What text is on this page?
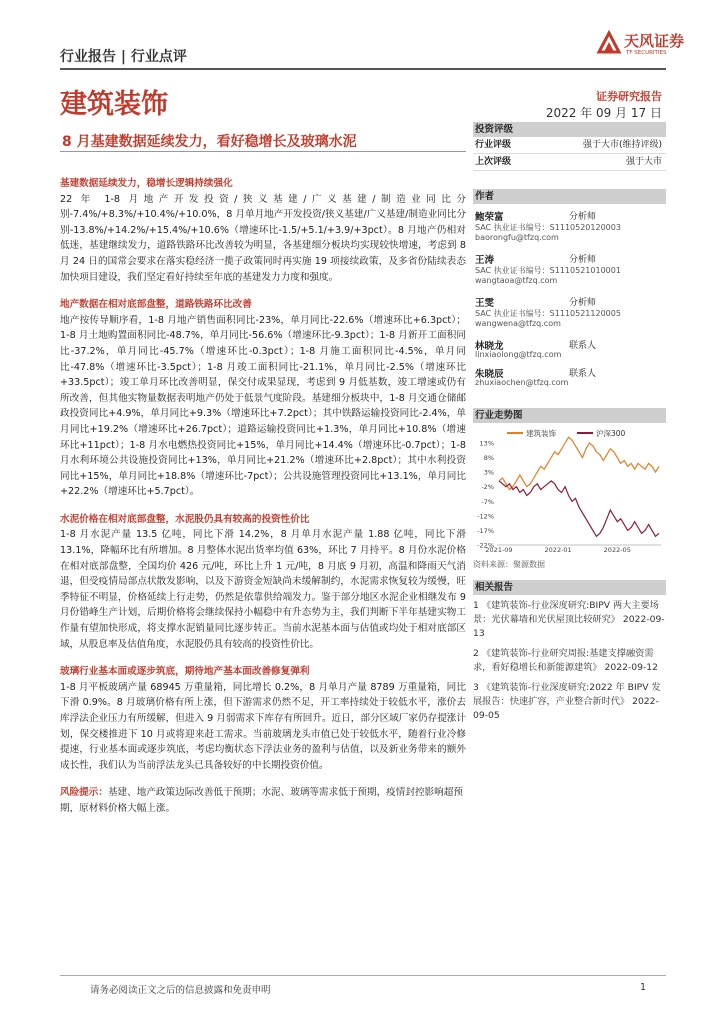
行业报告 | 行业点评
天风证券
TF SECURITIES
建筑装饰	证券研究报告
2022 年 09 月 17 日
8 月基建数据延续发力，看好稳增长及玻璃水泥
基建数据延续发力，稳增长逻辑持续强化
22 年 1-8 月地产开发投资/狭义基建/广义基建/制造业同比分别-7.4%/+8.3%/+10.4%/+10.0%，8 月单月地产开发投资/狭义基建/广义基建/制造业同比分别-13.8%/+14.2%/+15.4%/+10.6%（增速环比-1.5/+5.1/+3.9/+3pct）。8 月地产仍相对低迷，基建继续发力，道路铁路环比改善较为明显，各基建细分板块均实现较快增速，考虑到 8 月 24 日的国常会要求在落实稳经济一揽子政策同时再实施 19 项接续政策，及多省份陆续表态加快项目建设，我们坚定看好持续至年底的基建发力力度和强度。
地产数据在相对底部盘整，道路铁路环比改善
地产按传导顺序看，1-8 月地产销售面积同比-23%，单月同比-22.6%（增速环比+6.3pct）；1-8 月土地购置面积同比-48.7%，单月同比-56.6%（增速环比-9.3pct）；1-8 月新开工面积同比-37.2%，单月同比-45.7%（增速环比-0.3pct）；1-8 月施工面积同比-4.5%，单月同比-47.8%（增速环比-3.5pct）；1-8 月竣工面积同比-21.1%，单月同比-2.5%（增速环比+33.5pct）；竣工单月环比改善明显，保交付成果显现，考虑到 9 月低基数，竣工增速或仍有所改善，但其他实物量数据表明地产仍处于低景气度阶段。基建细分板块中，1-8 月交通仓储邮政投资同比+4.9%，单月同比+9.3%（增速环比+7.2pct）；其中铁路运输投资同比-2.4%，单月同比+19.2%（增速环比+26.7pct）；道路运输投资同比+1.3%，单月同比+10.8%（增速环比+11pct）；1-8 月水电燃热投资同比+15%，单月同比+14.4%（增速环比-0.7pct）；1-8 月水利环境公共设施投资同比+13%，单月同比+21.2%（增速环比+2.8pct）；其中水利投资同比+15%，单月同比+18.8%（增速环比-7pct）；公共设施管理投资同比+13.1%，单月同比+22.2%（增速环比+5.7pct）。
水泥价格在相对底部盘整，水泥股仍具有较高的投资性价比
1-8 月水泥产量 13.5 亿吨，同比下滑 14.2%，8 月单月水泥产量 1.88 亿吨，同比下滑 13.1%，降幅环比有所增加。8 月整体水泥出货率均值 63%，环比 7 月持平。8 月份水泥价格在相对底部盘整，全国均价 426 元/吨，环比上升 1 元/吨，8 月底 9 月初，高温和降雨天气消退，但受疫情局部点状散发影响，以及下游资金短缺尚未缓解制约，水泥需求恢复较为缓慢，旺季特征不明显，价格延续上行走势，仍然是依靠供给端发力。鉴于部分地区水泥企业相继发布 9 月份错峰生产计划，后期价格将会继续保持小幅稳中有升态势为主，我们判断下半年基建实物工作量有望加快形成，将支撑水泥销量同比逐步转正。当前水泥基本面与估值或均处于相对底部区域，从股息率及估值角度，水泥股仍具有较高的投资性价比。
玻璃行业基本面或逐步筑底，期待地产基本面改善修复弹利
1-8 月平板玻璃产量 68945 万重量箱，同比增长 0.2%，8 月单月产量 8789 万重量箱，同比下滑 0.9%。8 月玻璃价格有所上涨，但下游需求仍然不足，开工率持续处于较低水平，涨价去库浮法企业压力有所缓解，但进入 9 月弱需求下库存有所回升。近日，部分区域厂家仍存提涨计划，保交楼推进下 10 月或将迎来赶工需求。当前玻璃龙头市值已处于较低水平，随着行业冷修提速，行业基本面或逐步筑底，考虑均衡状态下浮法业务的盈利与估值，以及新业务带来的额外成长性，我们认为当前浮法龙头已具备较好的中长期投资价值。
风险提示：基建、地产政策边际改善低于预期；水泥、玻璃等需求低于预期，疫情封控影响超预期，原材料价格大幅上涨。
投资评级
行业评级	强于大市(维持评级)
上次评级	强于大市
作者
鲍荣富	分析师
SAC 执业证书编号：S1110520120003
baorongfu@tfzq.com
王涛	分析师
SAC 执业证书编号：S1110521010001
wangtaoa@tfzq.com
王雯	分析师
SAC 执业证书编号：S1110521120005
wangwena@tfzq.com
林晓龙	联系人
linxiaolong@tfzq.com
朱晓辰	联系人
zhuxiaochen@tfzq.com
行业走势图
建筑装饰	沪深300
13%
8%
3%
-2%
-7%
-12%
-17%
-22%
2021-09	2022-01	2022-05
资料来源：聚源数据
相关报告
1 《建筑装饰-行业深度研究:BIPV 两大主要场景：光伏幕墙和光伏屋顶比较研究》 2022-09-13
2 《建筑装饰-行业研究周报:基建支撑融资需求，看好稳增长和新能源建筑》 2022-09-12
3 《建筑装饰-行业深度研究:2022 年 BIPV 发展报告：快速扩容，产业整合新时代》 2022-09-05
请务必阅读正文之后的信息披露和免责申明	1
